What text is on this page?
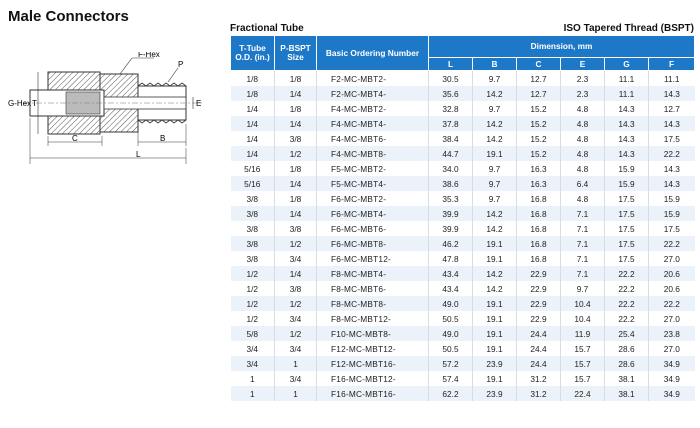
Male Connectors
G-Hex T
F-Hex
P
E
C	B
L
Fractional Tube	ISO Tapered Thread (BSPT)
T-Tube O.D. (in.)	P-BSPT Size	Basic Ordering Number	Dimension, mm					
			L	B	C	E	G	F
1/8	1/8	F2-MC-MBT2-	30.5	9.7	12.7	2.3	11.1	11.1
1/8	1/4	F2-MC-MBT4-	35.6	14.2	12.7	2.3	11.1	14.3
1/4	1/8	F4-MC-MBT2-	32.8	9.7	15.2	4.8	14.3	12.7
1/4	1/4	F4-MC-MBT4-	37.8	14.2	15.2	4.8	14.3	14.3
1/4	3/8	F4-MC-MBT6-	38.4	14.2	15.2	4.8	14.3	17.5
1/4	1/2	F4-MC-MBT8-	44.7	19.1	15.2	4.8	14.3	22.2
5/16	1/8	F5-MC-MBT2-	34.0	9.7	16.3	4.8	15.9	14.3
5/16	1/4	F5-MC-MBT4-	38.6	9.7	16.3	6.4	15.9	14.3
3/8	1/8	F6-MC-MBT2-	35.3	9.7	16.8	4.8	17.5	15.9
3/8	1/4	F6-MC-MBT4-	39.9	14.2	16.8	7.1	17.5	15.9
3/8	3/8	F6-MC-MBT6-	39.9	14.2	16.8	7.1	17.5	17.5
3/8	1/2	F6-MC-MBT8-	46.2	19.1	16.8	7.1	17.5	22.2
3/8	3/4	F6-MC-MBT12-	47.8	19.1	16.8	7.1	17.5	27.0
1/2	1/4	F8-MC-MBT4-	43.4	14.2	22.9	7.1	22.2	20.6
1/2	3/8	F8-MC-MBT6-	43.4	14.2	22.9	9.7	22.2	20.6
1/2	1/2	F8-MC-MBT8-	49.0	19.1	22.9	10.4	22.2	22.2
1/2	3/4	F8-MC-MBT12-	50.5	19.1	22.9	10.4	22.2	27.0
5/8	1/2	F10-MC-MBT8-	49.0	19.1	24.4	11.9	25.4	23.8
3/4	3/4	F12-MC-MBT12-	50.5	19.1	24.4	15.7	28.6	27.0
3/4	1	F12-MC-MBT16-	57.2	23.9	24.4	15.7	28.6	34.9
1	3/4	F16-MC-MBT12-	57.4	19.1	31.2	15.7	38.1	34.9
1	1	F16-MC-MBT16-	62.2	23.9	31.2	22.4	38.1	34.9
